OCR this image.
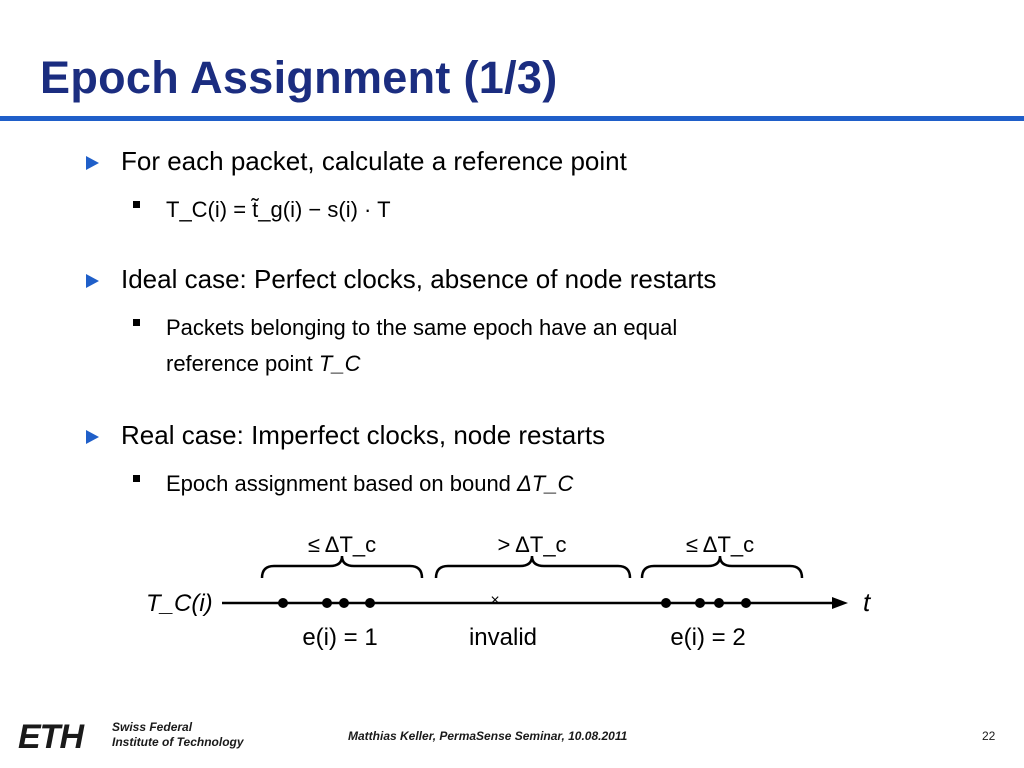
Epoch Assignment (1/3)
For each packet, calculate a reference point
T_C(i) = t̃_g(i) − s(i) · T
Ideal case: Perfect clocks, absence of node restarts
Packets belonging to the same epoch have an equal
reference point T_C
Real case: Imperfect clocks, node restarts
Epoch assignment based on bound ΔT_C
≤ ΔT_c	> ΔT_c	≤ ΔT_c
T_C(i)	t
×
e(i) = 1	invalid	e(i) = 2
ETH Swiss Federal
Institute of Technology	Matthias Keller, PermaSense Seminar, 10.08.2011	22
